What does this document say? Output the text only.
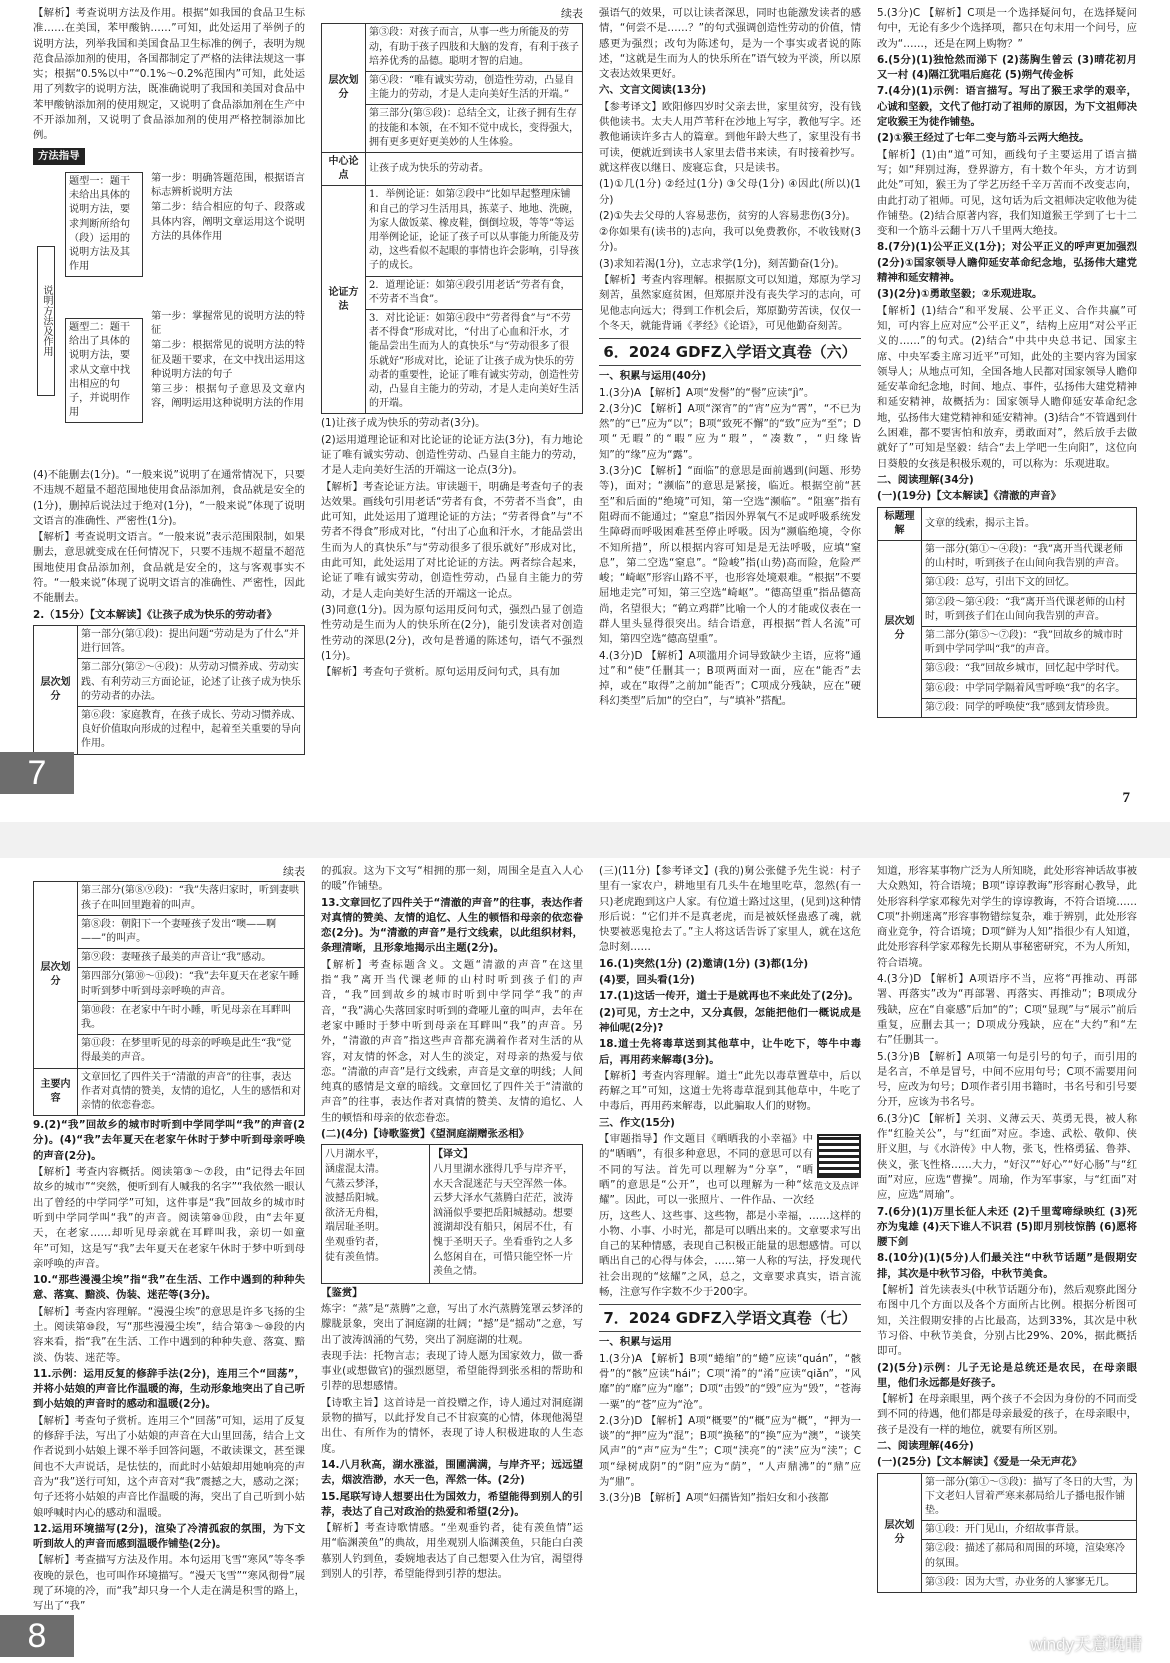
【解析】考查说明方法及作用。根据“如我国的食品卫生标准……在美国，苯甲酸钠……”可知，此处运用了举例子的说明方法，列举我国和美国食品卫生标准的例子，表明为规范食品添加剂的使用，各国都制定了严格的法律法规这一事实；根据“0.5%以中”“0.1%～0.2%范围内”可知，此处运用了列数字的说明方法，既准确说明了我国和美国对食品中苯甲酸钠添加剂的使用规定，又说明了食品添加剂在生产中不开添加剂，又说明了食品添加剂的使用严格控制添加比例。

方法指导
说明方法及作用
题型一：题干未给出具体的说明方法，要求判断所给句（段）运用的说明方法及其作用

第一步：明确答题范围，根据语言标志辨析说明方法

第二步：结合相应的句子、段落或具体内容，阐明文章运用这个说明方法的具体作用

题型二：题干给出了具体的说明方法，要求从文章中找出相应的句子，并说明作用

第一步：掌握常见的说明方法的特征

第二步：根据常见的说明方法的特征及题干要求，在文中找出运用这种说明方法的句子

第三步：根据句子意思及文章内容，阐明运用这种说明方法的作用

(4)不能删去(1分)。“一般来说”说明了在通常情况下，只要不违规不超量不超范围地使用食品添加剂，食品就是安全的(1分)，删掉后说法过于绝对(1分)，“一般来说”体现了说明文语言的准确性、严密性(1分)。

【解析】考查说明文语言。“一般来说”表示范围限制，如果删去，意思就变成在任何情况下，只要不违规不超量不超范围地使用食品添加剂，食品就是安全的，这与客观事实不符。“一般来说”体现了说明文语言的准确性、严密性，因此不能删去。

2.（15分）【文本解读】《让孩子成为快乐的劳动者》

层次划分	第一部分(第①段)：提出问题“劳动是为了什么”并进行回答。
第二部分(第②～④段)：从劳动习惯养成、劳动实践、有利劳动三方面论证，论述了让孩子成为快乐的劳动者的办法。
第⑥段：家庭教育，在孩子成长、劳动习惯养成、良好价值取向形成的过程中，起着至关重要的导向作用。
续表
层次划分	第③段：对孩子而言，从事一些力所能及的劳动，有助于孩子四肢和大脑的发育，有利于孩子培养优秀的品德。聪明才智的启迪。
	第④段：“唯有诚实劳动，创造性劳动，凸显自主能力的劳动，才是人走向美好生活的开端。”
	第三部分(第⑤段)：总结全文，让孩子拥有生存的技能和本领，在不知不觉中成长，变得强大，拥有更多更好更美妙的人生体验。
中心论点	让孩子成为快乐的劳动者。
论证方法	1．举例论证：如第②段中“比如早起整理床铺和自己的学习生活用具，拣菜子、地地、洗碗，为家人做饭菜、橡皮鞋，倒倒垃圾，等等”等运用举例论证，论证了孩子可以从事能力所能及劳动，这些看似不起眼的事情也许会影响，引导孩子的成长。
	2．道理论证：如第④段引用老话“劳者有食，不劳者不当食”。
	3．对比论证：如第④段中“劳者得食”与“不劳者不得食”形成对比，“付出了心血和汗水，才能品尝出生而为人的真快乐”与“劳动很多了很乐就好”形成对比，论证了让孩子成为快乐的劳动者的重要性，论证了唯有诚实劳动，创造性劳动，凸显自主能力的劳动，才是人走向美好生活的开端。

(1)让孩子成为快乐的劳动者(3分)。

(2)运用道理论证和对比论证的论证方法(3分)，有力地论证了唯有诚实劳动、创造性劳动、凸显自主能力的劳动，才是人走向美好生活的开端这一论点(3分)。

【解析】考查论证方法。审读题干，明确是考查句子的表达效果。画线句引用老话“劳者有食，不劳者不当食”，由此可知，此处运用了道理论证的方法；“劳者得食”与“不劳者不得食”形成对比，“付出了心血和汗水，才能品尝出生而为人的真快乐”与“劳动很多了很乐就好”形成对比，由此可知，此处运用了对比论证的方法。两者综合起来，论证了唯有诚实劳动，创造性劳动，凸显自主能力的劳动，才是人走向美好生活的开端这一论点。

(3)同意(1分)。因为原句运用反问句式，强烈凸显了创造性劳动是生而为人的快乐所在(2分)，能引发读者对创造性劳动的深思(2分)，改句是普通的陈述句，语气不强烈(1分)。

【解析】考查句子赏析。原句运用反问句式，具有加

强语气的效果，可以让读者深思，同时也能激发读者的感情，“何尝不是……？”的句式强调创造性劳动的价值，情感更为强烈；改句为陈述句，是为一个事实或者说的陈述，“这就是生而为人的快乐所在”语气较为平淡，所以原文表达效果更好。

六、文言文阅读(13分)

【参考译文】欧阳修四岁时父亲去世，家里贫穷，没有钱供他读书。太夫人用芦苇秆在沙地上写字，教他写字。还教他诵读许多古人的篇章。到他年龄大些了，家里没有书可读，便就近到读书人家里去借书来读，有时接着抄写。就这样夜以继日、废寝忘食，只是读书。

(1)①几(1分) ②经过(1分) ③父母(1分) ④因此(所以)(1分)

(2)①失去父母的人容易悲伤，贫穷的人容易悲伤(3分)。

②你如果有(读书的)志向，我可以免费教你，不收钱财(3分)。

(3)求知若渴(1分)，立志求学(1分)，刻苦勤奋(1分)。

【解析】考查内容理解。根据原文可以知道，郑原为学习刻苦，虽然家庭贫困，但郑原并没有丧失学习的志向，可见他志向远大；得到工作机会后，郑原勤劳苦读，仅仅一个冬天，就能背诵《孝经》《论语》，可见他勤奋刻苦。

6．2024 GDFZ入学语文真卷（六）

一、积累与运用(40分)

1.(3分)A 【解析】A项“发髻”的“髻”应读“jì”。

2.(3分)C 【解析】A项“深宵”的“宵”应为“霄”，“不已为然”的“已”应为“以”；B项“致死不懈”的“致”应为“至”；D项“无暇”的“暇”应为“瑕”，“凑数”，“归缘皆知”的“缘”应为“露”。

3.(3分)C 【解析】“面临”的意思是面前遇到(问题、形势等)，面对；“濒临”的意思是紧接，临近。根据空前“甚至”和后面的“绝境”可知，第一空选“濒临”。“阻塞”指有阻碍而不能通过；“窒息”指因外界氧气不足或呼吸系统发生障碍而呼吸困难甚至停止呼吸。因为“濒临绝境，令你不知所措”，所以根据内容可知是是无法呼吸，应填“窒息”，第二空选“窒息”。“险峻”指(山势)高而险，危险严峻；“崎岖”形容山路不平，也形容处境艰难。“根据”不要屈地走完”可知，第三空选“崎岖”。“德高望重”指品德高尚，名望很大；“鹤立鸡群”比喻一个人的才能或仪表在一群人里头显得很突出。结合语意，再根据“哲人名流”可知，第四空选“德高望重”。

4.(3分)D 【解析】A项滥用介词导致缺少主语，应将“通过”和“使”任删其一；B项两面对一面，应在“能否”去掉，或在“取得”之前加“能否”；C项成分残缺，应在“硬科幻类型”后加“的空白”，与“填补”搭配。

5.(3分)C 【解析】C项是一个选择疑问句，在选择疑问句中，无论有多少个选择项，都只在句末用一个问号，应改为“……，还是在网上购物？”

6.(5分)(1)独怆然而涕下 (2)荡胸生曾云 (3)晴花初月又一村 (4)隔江犹唱后庭花 (5)朔气传金柝

7.(4分)(1)示例：语言描写。写出了猴王求学的艰辛，心诚和坚毅，文代了他打动了祖师的原因，为下文祖师决定收猴王为徒作铺垫。

(2)①猴王经过了七年二变与筋斗云两大绝技。

【解析】(1)由“道”可知，画线句子主要运用了语言描写；如“拜别过海，登界游方，有十数个年头，方才访到此处”可知，猴王为了学艺历经千辛万苦而不改变志向，由此打动了祖师。可见，这句话为后文祖师决定收他为徒作铺垫。(2)结合原著内容，我们知道猴王学到了七十二变和一个筋斗云翻十万八千里两大绝技。

8.(7分)(1)公平正义(1分)；对公平正义的呼声更加强烈 (2分)①国家领导人瞻仰延安革命纪念地，弘扬伟大建党精神和延安精神。

(3)(2分)①勇敢坚毅；②乐观进取。

【解析】(1)结合“和平发展、公平正义、合作共赢”可知，可内容上应对应“公平正义”，结构上应用“对公平正义的……”的句式。(2)结合“中共中央总书记、国家主席、中央军委主席习近平”可知，此处的主要内容为国家领导人；从地点可知，全国各地人民都对国家领导人瞻仰延安革命纪念地，时间、地点、事件，弘扬伟大建党精神和延安精神，故概括为：国家领导人瞻仰延安革命纪念地，弘扬伟大建党精神和延安精神。(3)结合“不管遇到什么困难，都不要害怕和放弃，勇敢面对”，然后放手去做就好了”可知是坚毅：结合“去上学吧一生向阳”，这位向日葵般的女孩是积极乐观的，可以称为：乐观进取。

二、阅读理解(34分)

(一)(19分)【文本解读】《清澈的声音》

标题理解	文章的线索，揭示主旨。
层次划分	第一部分(第①～④段)：“我”离开当代课老师的山村时，听到孩子在山间向我告别的声音。
	第①段：总写，引出下文的回忆。
	第②段～第④段：“我”离开当代课老师的山村时，听到孩子们在山间向我告别的声音。
	第二部分(第⑤～⑦段)：“我”回故乡的城市时听到中学同学叫“我”的声音。
	第⑤段：“我”回故乡城市，回忆起中学时代。
	第⑥段：中学同学隔着风雪呼唤“我”的名字。
	第⑦段：同学的呼唤使“我”感到友情珍贵。
7
7
续表
层次划分	第三部分(第⑧⑨段)：“我”失落归家时，听到妻哄孩子在叫回里跑着的叫声。
	第⑧段：朝阳下一个妻哑孩子发出“噢——啊——”的叫声。
	第⑨段：妻哑孩子最美的声音让“我”感动。
	第四部分(第⑩～⑪段)：“我”去年夏天在老家午睡时听到梦中听到母亲呼唤的声音。
	第⑩段：在老家中午时小睡，听见母亲在耳畔叫我。
	第⑪段：在梦里听见的母亲的呼唤是此生“我”觉得最美的声音。
主要内容	文章回忆了四件关于“清澈的声音”的往事，表达作者对真情的赞美，友情的追忆，人生的感悟和对亲情的依恋眷恋。

9.(2)“我”回故乡的城市时听到中学同学叫“我”的声音(2分)。(4)“我”去年夏天在老家午休时于梦中听到母亲呼唤的声音(2分)。

【解析】考查内容概括。阅读第③～⑦段，由“记得去年回故乡的城市”“突然，便听到有人喊我的名字”“我依然一眼认出了曾经的中学同学”可知，这件事是“我”回故乡的城市时听到中学同学叫“我”的声音。阅读第⑩⑪段，由“去年夏天，在老家……却听见母亲就在耳畔叫我，亲切一如童年”可知，这是写“我”去年夏天在老家午休时于梦中听到母亲呼唤的声音。

10.“那些漫漫尘埃”指“我”在生活、工作中遇到的种种失意、落寞、黯淡、伪装、迷茫等(3分)。

【解析】考查内容理解。“漫漫尘埃”的意思是许多飞扬的尘土。阅读第⑩段，写“那些漫漫尘埃”，结合第③～⑩段的内容来看，指“我”在生活、工作中遇到的种种失意、落寞、黯淡、伪装、迷茫等。

11.示例：运用反复的修辞手法(2分)，连用三个“回荡”，并将小姑娘的声音比作温暖的海，生动形象地突出了自己听到小姑娘的声音时的感动和温暖(2分)。

【解析】考查句子赏析。连用三个“回荡”可知，运用了反复的修辞手法，写出了小姑娘的声音在大山里回荡，结合上文作者说到小姑娘上课不举手回答问题，不敢读课文，甚至课间也不大声说话，是怯怯的，而此时小姑娘却用她响亮的声音为“我”送行可知，这个声音对“我”震撼之大，感动之深；句子还将小姑娘的声音比作温暖的海，突出了自己听到小姑娘呼喊时内心的感动和温暖。

12.运用环境描写(2分)，渲染了冷清孤寂的氛围，为下文听到故人的声音而感到温暖作铺垫(2分)。

【解析】考查描写方法及作用。本句运用飞雪“寒风”等冬季夜晚的景色，也可叫作环境描写。“漫天飞雪”“寒风彻骨”展现了环境的冷，而“我”却只身一个人走在满是积雪的路上，写出了“我”

的孤寂。这为下文写“相拥的那一刻，周围全是直入人心的暖”作铺垫。

13.文章回忆了四件关于“清澈的声音”的往事，表达作者对真情的赞美、友情的追忆、人生的顿悟和母亲的依恋眷恋(2分)。为“清澈的声音”是行文线索，以此组织材料，条理清晰，且形象地揭示出主题(2分)。

【解析】考查标题含义。文题“清澈的声音”在这里指“我”离开当代课老师的山村时听到孩子们的声音，“我”回到故乡的城市时听到中学同学“我”的声音，“我”满心失落回家时听到的聋哑儿童的叫声，去年在老家中睡时于梦中听到母亲在耳畔叫“我”的声音。另外，“清澈的声音”指这些声音都充满着作者对生活的从容，对友情的怀念，对人生的淡定，对母亲的热爱与依恋。“清澈的声音”是行文线索，声音是文章的明线；人间纯真的感情是文章的暗线。文章回忆了四件关于“清澈的声音”的往事，表达作者对真情的赞美、友情的追忆、人生的顿悟和母亲的依恋眷恋。

(二)(4分)【诗歌鉴赏】《望洞庭湖赠张丞相》

八月湖水平，
涵虚混太清。
气蒸云梦泽，
波撼岳阳城。
欲济无舟楫，
端居耻圣明。
坐观垂钓者，
徒有羡鱼情。
【译文】
八月里湖水涨得几乎与岸齐平，水天含混迷茫与天空浑然一体。云梦大泽水气蒸腾白茫茫，波涛汹涌似乎要把岳阳城撼动。想要渡湖却没有船只，闲居不仕，有愧于圣明天子。坐看垂钓之人多么悠闲自在，可惜只能空怀一片羡鱼之情。

【鉴赏】

炼字：“蒸”是“蒸腾”之意，写出了水汽蒸腾笼罩云梦泽的朦胧景象，突出了洞庭湖的壮阔；“撼”是“摇动”之意，写出了波涛汹涌的气势，突出了洞庭湖的壮观。

表现手法：托物言志；表现了诗人愿为国家效力，做一番事业(或想做官)的强烈愿望，希望能得到张丞相的帮助和引荐的思想感情。

【诗歌主旨】这首诗是一首投赠之作，诗人通过对洞庭湖景物的描写，以此抒发自己不甘寂寞的心情，体现他渴望出仕、有所作为的情怀，表现了诗人积极进取的人生态度。

14.八月秋高，湖水涨溢，围圃满满，与岸齐平；远远望去，烟波浩渺，水天一色，浑然一体。(2分)

15.尾联写诗人想要出仕为国效力，希望能得到别人的引荐，表达了自己对政治的热爱和希望(2分)。

【解析】考查诗歌情感。“坐观垂钓者，徒有羡鱼情”运用“临渊羡鱼”的典故，用坐观别人临渊羡鱼，只能白白羡慕别人钓到鱼，委婉地表达了自己想要入仕为官，渴望得到别人的引荐，希望能得到引荐的想法。

(三)(11分)【参考译文】(我的)舅公张健予先生说：村子里有一家农户，耕地里有几头牛在地里吃草，忽然(有一只)老虎跑到这户人家。有位道士路过这里，(见到)这种情形后说：“它们并不是真老虎，而是被妖怪蛊惑了魂，就快要被恶鬼抢去了。”主人将这话告诉了家里人，就在这危急时刻……

16.(1)突然(1分) (2)邀请(1分) (3)都(1分)

(4)要，回头看(1分)

17.(1)这话一传开，道士于是就再也不来此处了(2分)。

(2)可见，方士之中，又分真假，怎能把他们一概说成是神仙呢(2分)?

18.道士先将毒草送到其他草中，让牛吃下，等牛中毒后，再用药来解毒(3分)。

【解析】考查内容理解。道士“此先以毒草置草中，后以药解之耳”可知，这道士先将毒草混到其他草中，牛吃了中毒后，再用药来解毒，以此骗取人们的财物。

三、作文(15分)

范文及点评

【审题指导】作文题目《晒晒我的小幸福》中的“晒晒”，有很多种意思，不同的意思可以有不同的写法。首先可以理解为“分享”，“晒晒”的意思是“公开”，也可以理解为一种“炫耀”。因此，可以一张照片、一件作品、一次经历，这些人、这些事、这些物，都是小幸福，……这样的小物、小事、小时光，都是可以晒出来的。文章要求写出自己的某种情感，表现自己积极正能量的思想感情。可以晒出自己的心得与体会，……第一人称的写法，抒发现代社会出现的“炫耀”之风，总之，文章要求真实，语言流畅，注意写作字数不少于200字。

7．2024 GDFZ入学语文真卷（七）

一、积累与运用

1.(3分)A 【解析】B项“蜷缩”的“蜷”应读“quán”，“骸骨”的“骸”应读“hái”；C项“淆”的“淆”应读“qiǎn”，“风靡”的“靡”应为“靡”；D项“击毁”的“毁”应为“毁”，“苍海一粟”的“苍”应为“沧”。

2.(3分)D 【解析】A项“概要”的“概”应为“概”，“押为一谈”的“押”应为“混”；B项“换秘”的“换”应为“澳”，“谈笑风声”的“声”应为“生”；C项“渎亮”的“渎”应为“渎”；C项“绿树成阴”的“阴”应为“荫”，“人声鼎沸”的“鼎”应为“鼎”。

3.(3分)B 【解析】A项“妇孺皆知”指妇女和小孩都

知道，形容某事物广泛为人所知晓，此处形容神话故事被大众熟知，符合语境；B项“谆谆教诲”形容耐心教导，此处形容科学家邓稼先对学生的谆谆教诲，不符合语境……C项“扑朔迷离”形容事物错综复杂，难于辨别，此处形容商业竞争，符合语境；D项“鲜为人知”指很少有人知道，此处形容科学家邓稼先长期从事秘密研究，不为人所知，符合语境。

4.(3分)D 【解析】A项语序不当，应将“再推动、再部署、再落实”改为“再部署、再落实、再推动”；B项成分残缺，应在“自豪感”后加“的”；C项“显现”与“展示”前后重复，应删去其一；D项成分残缺，应在“大约”和“左右”任删其一。

5.(3分)B 【解析】A项第一句是引号的句子，而引用的是名言，不单是冒号，中间不应用句号；C项不需要用问号，应改为句号；D项作者引用书籍时，书名号和引号要分开，应该为书名号。

6.(3分)C 【解析】关羽、义薄云天、英勇无畏，被人称作“红脸关公”，与“红面”对应。李逵、武松、敬仰、侠肝义胆，与《水浒传》中人物，张飞，性格勇猛、鲁莽、侠义，张飞性格……大力，“好汉”“好心”“好心肠”与“红面”对应，应选“曹操”。周瑜，作为军事家，与“红面”对应，应选“周瑜”。

7.(6分)(1)万里长征人未还 (2)千里莺啼绿映红 (3)死亦为鬼雄 (4)天下谁人不识君 (5)即月别枝惊鹊 (6)愿将腰下剑

8.(10分)(1)(5分)人们最关注“中秋节话题”是假期安排，其次是中秋节习俗，中秋节美食。

【解析】首先读表头(中秋节话题分布)，然后观察此图分布图中几个方面以及各个方面所占比例。根据分析图可知，关注假期安排的占比最高，达到33%，其次是中秋节习俗、中秋节美食，分别占比29%、20%，据此概括即可。

(2)(5分)示例：儿子无论是总统还是农民，在母亲眼里，他们永远都是好孩子。

【解析】在母亲眼里，两个孩子不会因为身份的不同而受到不同的待遇，他们都是母亲最爱的孩子，在母亲眼中，孩子是没有一样的地位，就要有所区别。

二、阅读理解(46分)

(一)(25分)【文本解读】《爱是一朵无声花》

层次划分	第一部分(第①～③段)：描写了冬日的大雪，为下文老妇人冒着严寒来郝局给儿子播电报作铺垫。
第①段：开门见山，介绍故事背景。
第②段：描述了郝局和周围的环境，渲染寒冷的氛围。
第③段：因为大雪，办业务的人寥寥无几。
8	windy天意晚晴
